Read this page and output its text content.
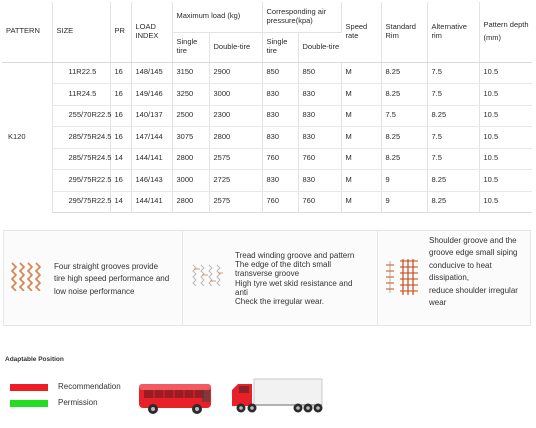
PATTERN	SIZE	PR	LOAD INDEX	Maximum load (kg)		Corresponding air pressure(kpa)		Speed rate	Standard Rim	Alternative rim	Pattern depth (mm)
				Single tire	Double-tire	Single tire	Double-tire				
K120	11R22.5	16	148/145	3150	2900	850	850	M	8.25	7.5	10.5
	11R24.5	16	149/146	3250	3000	830	830	M	8.25	7.5	10.5
	255/70R22.5	16	140/137	2500	2300	830	830	M	7.5	8.25	10.5
	285/75R24.5	16	147/144	3075	2800	830	830	M	8.25	7.5	10.5
	285/75R24.5	14	144/141	2800	2575	760	760	M	8.25	7.5	10.5
	295/75R22.5	16	146/143	3000	2725	830	830	M	9	8.25	10.5
	295/75R22.5	14	144/141	2800	2575	760	760	M	9	8.25	10.5
Four straight grooves provide
tire high speed performance and
low noise performance
Tread winding groove and pattern
The edge of the ditch small
transverse groove
High tyre wet skid resistance and
anti
Check the irregular wear.
Shoulder groove and the
groove edge small siping
conducive to heat
dissipation,
reduce shoulder irregular
wear
Adaptable Position
Recommendation
Permission
